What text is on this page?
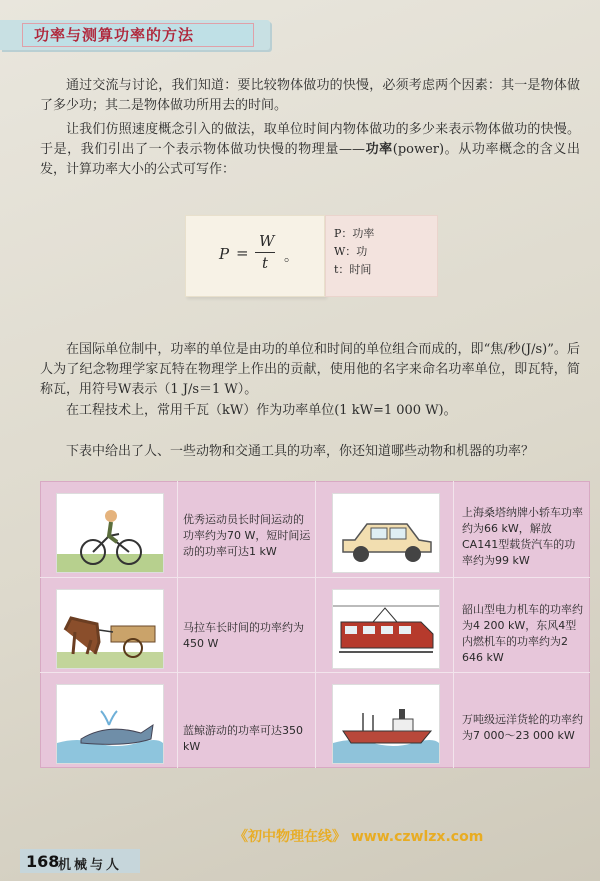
功率与测算功率的方法
通过交流与讨论，我们知道：要比较物体做功的快慢，必须考虑两个因素：其一是物体做了多少功；其二是物体做功所用去的时间。
让我们仿照速度概念引入的做法，取单位时间内物体做功的多少来表示物体做功的快慢。于是，我们引出了一个表示物体做功快慢的物理量——功率(power)。从功率概念的含义出发，计算功率大小的公式可写作：
P =
W
t 。
P：功率
W：功
t：时间
在国际单位制中，功率的单位是由功的单位和时间的单位组合而成的，即“焦/秒(J/s)”。后人为了纪念物理学家瓦特在物理学上作出的贡献，使用他的名字来命名功率单位，即瓦特，简称瓦，用符号W表示（1 J/s＝1 W）。
在工程技术上，常用千瓦（kW）作为功率单位(1 kW=1 000 W)。
下表中给出了人、一些动物和交通工具的功率，你还知道哪些动物和机器的功率？
优秀运动员长时间运动的功率约为70 W，短时间运动的功率可达1 kW
上海桑塔纳牌小轿车功率约为66 kW，解放CA141型载货汽车的功率约为99 kW
马拉车长时间的功率约为450 W
韶山型电力机车的功率约为4 200 kW，东风4型内燃机车的功率约为2 646 kW
蓝鲸游动的功率可达350 kW
万吨级远洋货轮的功率约为7 000～23 000 kW
《初中物理在线》 www.czwlzx.com
168
机械与人
